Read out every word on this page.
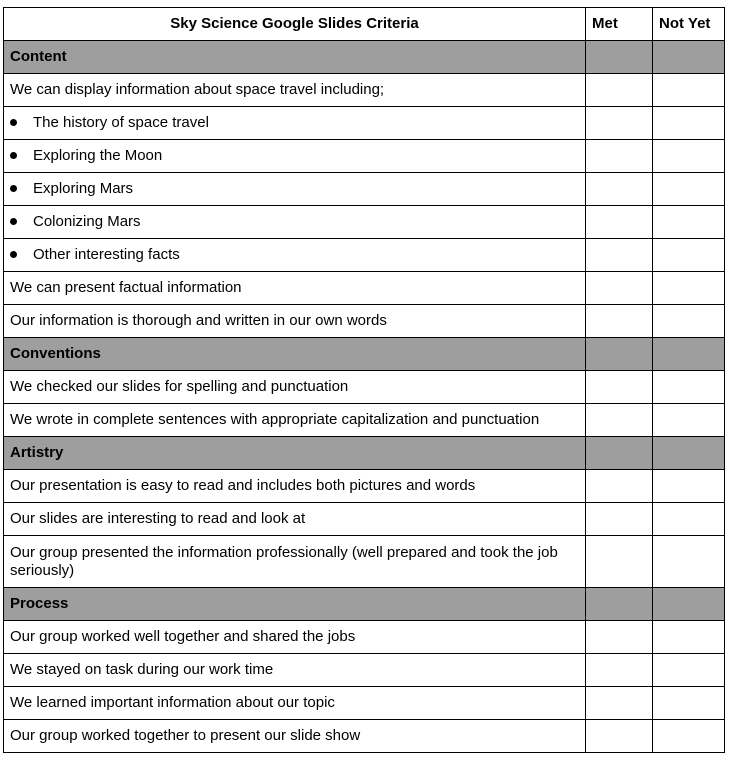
Sky Science Google Slides Criteria	Met	Not Yet
Content		
We can display information about space travel including;		
The history of space travel		
Exploring the Moon		
Exploring Mars		
Colonizing Mars		
Other interesting facts		
We can present factual information		
Our information is thorough and written in our own words		
Conventions		
We checked our slides for spelling and punctuation		
We wrote in complete sentences with appropriate capitalization and punctuation		
Artistry		
Our presentation is easy to read and includes both pictures and words		
Our slides are interesting to read and look at		
Our group presented the information professionally (well prepared and took the job seriously)		
Process		
Our group worked well together and shared the jobs		
We stayed on task during our work time		
We learned important information about our topic		
Our group worked together to present our slide show		
